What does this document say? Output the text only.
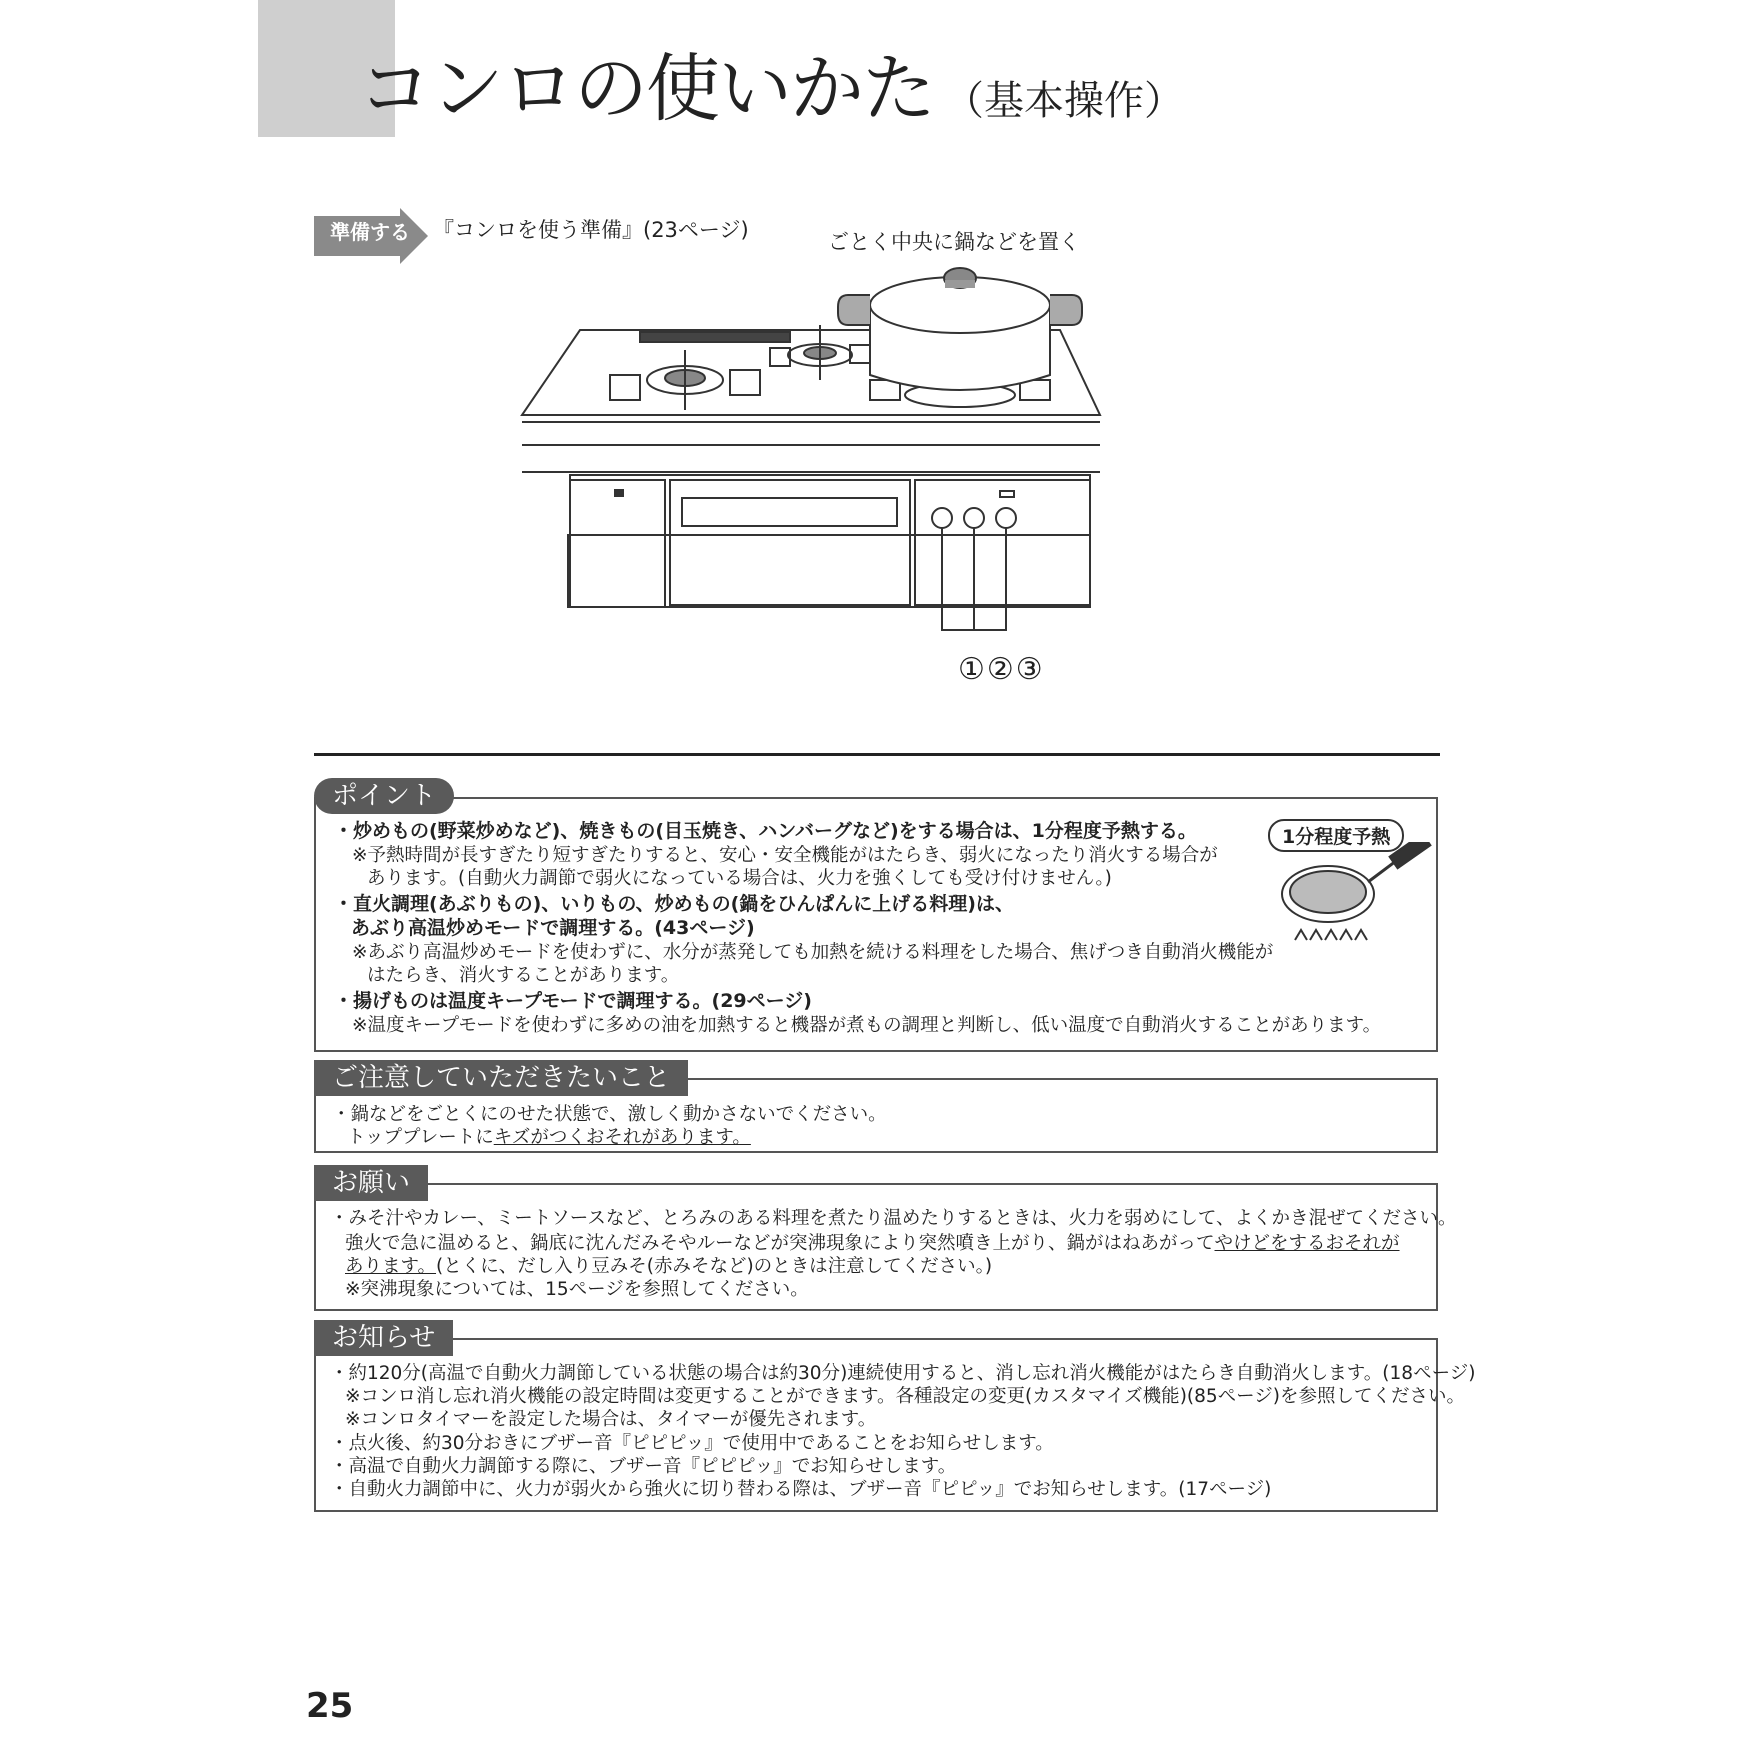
コンロの使いかた （基本操作）
準備する 『コンロを使う準備』(23ページ)	ごとく中央に鍋などを置く
①②③
ポイント
1分程度予熱
・炒めもの(野菜炒めなど)、焼きもの(目玉焼き、ハンバーグなど)をする場合は、1分程度予熱する。
※予熱時間が長すぎたり短すぎたりすると、安心・安全機能がはたらき、弱火になったり消火する場合が
あります。(自動火力調節で弱火になっている場合は、火力を強くしても受け付けません。)
・直火調理(あぶりもの)、いりもの、炒めもの(鍋をひんぱんに上げる料理)は、
あぶり高温炒めモードで調理する。(43ページ)
※あぶり高温炒めモードを使わずに、水分が蒸発しても加熱を続ける料理をした場合、焦げつき自動消火機能が
はたらき、消火することがあります。
・揚げものは温度キープモードで調理する。(29ページ)
※温度キープモードを使わずに多めの油を加熱すると機器が煮もの調理と判断し、低い温度で自動消火することがあります。
ご注意していただきたいこと
・鍋などをごとくにのせた状態で、激しく動かさないでください。
トッププレートにキズがつくおそれがあります。
お願い
・みそ汁やカレー、ミートソースなど、とろみのある料理を煮たり温めたりするときは、火力を弱めにして、よくかき混ぜてください。
強火で急に温めると、鍋底に沈んだみそやルーなどが突沸現象により突然噴き上がり、鍋がはねあがってやけどをするおそれが
あります。(とくに、だし入り豆みそ(赤みそなど)のときは注意してください。)
※突沸現象については、15ページを参照してください。
お知らせ
・約120分(高温で自動火力調節している状態の場合は約30分)連続使用すると、消し忘れ消火機能がはたらき自動消火します。(18ページ)
※コンロ消し忘れ消火機能の設定時間は変更することができます。各種設定の変更(カスタマイズ機能)(85ページ)を参照してください。
※コンロタイマーを設定した場合は、タイマーが優先されます。
・点火後、約30分おきにブザー音『ピピピッ』で使用中であることをお知らせします。
・高温で自動火力調節する際に、ブザー音『ピピピッ』でお知らせします。
・自動火力調節中に、火力が弱火から強火に切り替わる際は、ブザー音『ピピッ』でお知らせします。(17ページ)
25
